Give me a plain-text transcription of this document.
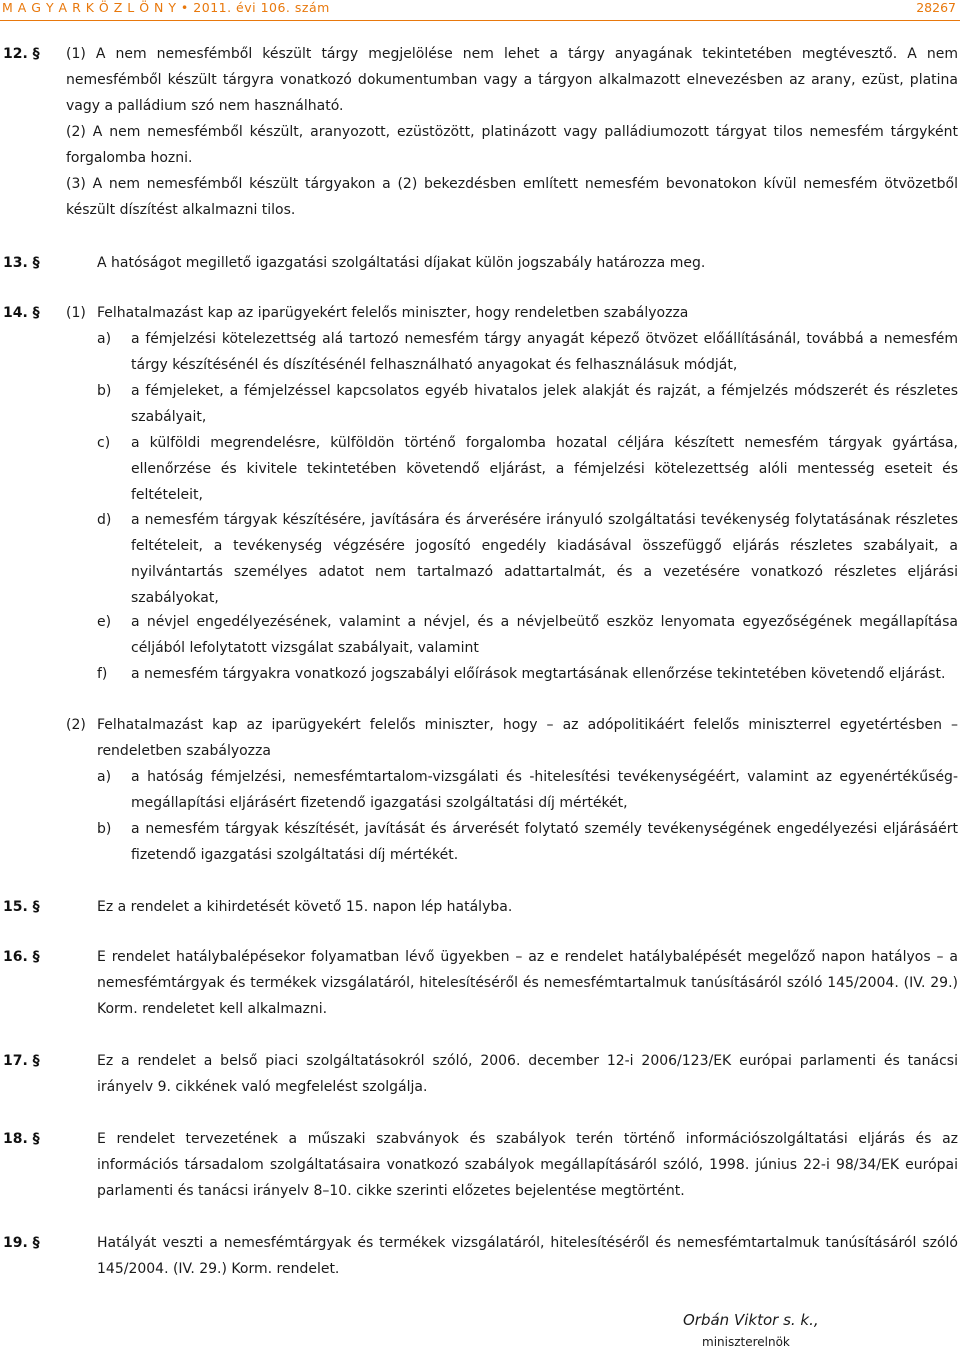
M A G Y A R K Ö Z L Ö N Y • 2011. évi 106. szám	28267
12. § (1) A nem nemesfémből készült tárgy megjelölése nem lehet a tárgy anyagának tekintetében megtévesztő. A nem nemesfémből készült tárgyra vonatkozó dokumentumban vagy a tárgyon alkalmazott elnevezésben az arany, ezüst, platina vagy a palládium szó nem használható.
(2) A nem nemesfémből készült, aranyozott, ezüstözött, platinázott vagy palládiumozott tárgyat tilos nemesfém tárgyként forgalomba hozni.
(3) A nem nemesfémből készült tárgyakon a (2) bekezdésben említett nemesfém bevonatokon kívül nemesfém ötvözetből készült díszítést alkalmazni tilos.
13. §	A hatóságot megillető igazgatási szolgáltatási díjakat külön jogszabály határozza meg.
14. § (1) Felhatalmazást kap az iparügyekért felelős miniszter, hogy rendeletben szabályozza
a) a fémjelzési kötelezettség alá tartozó nemesfém tárgy anyagát képező ötvözet előállításánál, továbbá a nemesfém tárgy készítésénél és díszítésénél felhasználható anyagokat és felhasználásuk módját,
b) a fémjeleket, a fémjelzéssel kapcsolatos egyéb hivatalos jelek alakját és rajzát, a fémjelzés módszerét és részletes szabályait,
c) a külföldi megrendelésre, külföldön történő forgalomba hozatal céljára készített nemesfém tárgyak gyártása, ellenőrzése és kivitele tekintetében követendő eljárást, a fémjelzési kötelezettség alóli mentesség eseteit és feltételeit,
d) a nemesfém tárgyak készítésére, javítására és árverésére irányuló szolgáltatási tevékenység folytatásának részletes feltételeit, a tevékenység végzésére jogosító engedély kiadásával összefüggő eljárás részletes szabályait, a nyilvántartás személyes adatot nem tartalmazó adattartalmát, és a vezetésére vonatkozó részletes eljárási szabályokat,
e) a névjel engedélyezésének, valamint a névjel, és a névjelbeütő eszköz lenyomata egyezőségének megállapítása céljából lefolytatott vizsgálat szabályait, valamint
f) a nemesfém tárgyakra vonatkozó jogszabályi előírások megtartásának ellenőrzése tekintetében követendő eljárást.
(2) Felhatalmazást kap az iparügyekért felelős miniszter, hogy – az adópolitikáért felelős miniszterrel egyetértésben – rendeletben szabályozza
a) a hatóság fémjelzési, nemesfémtartalom-vizsgálati és -hitelesítési tevékenységéért, valamint az egyenértékűség-megállapítási eljárásért fizetendő igazgatási szolgáltatási díj mértékét,
b) a nemesfém tárgyak készítését, javítását és árverését folytató személy tevékenységének engedélyezési eljárásáért fizetendő igazgatási szolgáltatási díj mértékét.
15. §	Ez a rendelet a kihirdetését követő 15. napon lép hatályba.
16. §	E rendelet hatálybalépésekor folyamatban lévő ügyekben – az e rendelet hatálybalépését megelőző napon hatályos – a nemesfémtárgyak és termékek vizsgálatáról, hitelesítéséről és nemesfémtartalmuk tanúsításáról szóló 145/2004. (IV. 29.) Korm. rendeletet kell alkalmazni.
17. §	Ez a rendelet a belső piaci szolgáltatásokról szóló, 2006. december 12-i 2006/123/EK európai parlamenti és tanácsi irányelv 9. cikkének való megfelelést szolgálja.
18. §	E rendelet tervezetének a műszaki szabványok és szabályok terén történő információszolgáltatási eljárás és az információs társadalom szolgáltatásaira vonatkozó szabályok megállapításáról szóló, 1998. június 22-i 98/34/EK európai parlamenti és tanácsi irányelv 8–10. cikke szerinti előzetes bejelentése megtörtént.
19. §	Hatályát veszti a nemesfémtárgyak és termékek vizsgálatáról, hitelesítéséről és nemesfémtartalmuk tanúsításáról szóló 145/2004. (IV. 29.) Korm. rendelet.
Orbán Viktor s. k.,
miniszterelnök
